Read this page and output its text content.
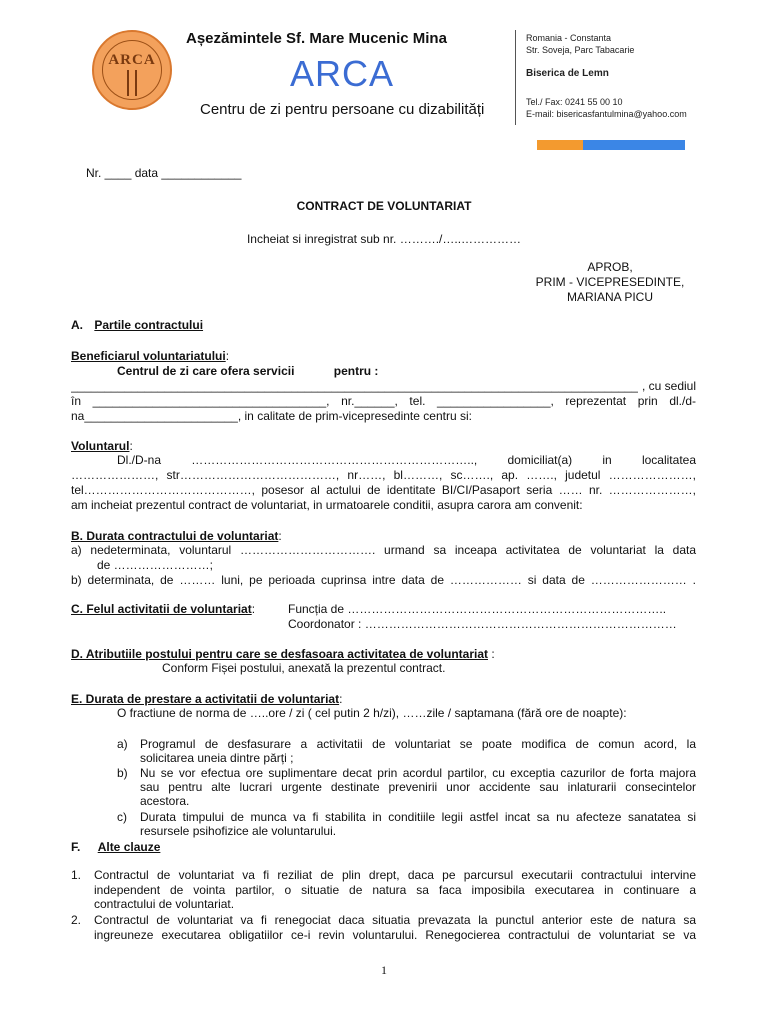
ARCA
Așezămintele Sf. Mare Mucenic Mina
ARCA
Centru de zi pentru persoane cu dizabilități
Romania - Constanta
Str. Soveja, Parc Tabacarie
Biserica de Lemn
Tel./ Fax: 0241 55 00 10
E-mail: bisericasfantulmina@yahoo.com
Nr. ____ data ____________
CONTRACT DE VOLUNTARIAT
Incheiat si inregistrat sub nr. ………./…..……………
APROB,
PRIM - VICEPRESEDINTE,
MARIANA PICU
A. Partile contractului
Beneficiarul voluntariatului:
Centrul de zi care ofera servicii	pentru :
_____________________________________________________________________________________ , cu sediul
în ___________________________________, nr.______, tel. _________________, reprezentat prin dl./d-
na_______________________, in calitate de prim-vicepresedinte centru si:
Voluntarul:
Dl./D-na …………………………………………………………….., domiciliat(a) in localitatea
…………………, str…………………………………, nr……, bl………, sc……., ap. ……., judetul …………………,
tel……………………………………, posesor al actului de identitate BI/CI/Pasaport seria …… nr. …………………,
am incheiat prezentul contract de voluntariat, in urmatoarele conditii, asupra carora am convenit:
B. Durata contractului de voluntariat:
a) nedeterminata, voluntarul ……………………………. urmand sa inceapa activitatea de voluntariat la data
de ……………………;
b) determinata, de ……… luni, pe perioada cuprinsa intre data de ……………… si data de …………………… .
C. Felul activitatii de voluntariat:	Funcția de ……………………………………………………………………..
Coordonator : ……………………………………………………………………
D. Atributiile postului pentru care se desfasoara activitatea de voluntariat :
Conform Fișei postului, anexată la prezentul contract.
E. Durata de prestare a activitatii de voluntariat:
O fractiune de norma de …..ore / zi ( cel putin 2 h/zi), ……zile / saptamana (fără ore de noapte):
a) Programul de desfasurare a activitatii de voluntariat se poate modifica de comun acord, la
solicitarea uneia dintre părți ;
b) Nu se vor efectua ore suplimentare decat prin acordul partilor, cu exceptia cazurilor de forta majora
sau pentru alte lucrari urgente destinate prevenirii unor accidente sau inlaturarii consecintelor
acestora.
c) Durata timpului de munca va fi stabilita in conditiile legii astfel incat sa nu afecteze sanatatea si
resursele psihofizice ale voluntarului.
F. Alte clauze
1. Contractul de voluntariat va fi reziliat de plin drept, daca pe parcursul executarii contractului intervine
independent de vointa partilor, o situatie de natura sa faca imposibila executarea in continuare a
contractului de voluntariat.
2. Contractul de voluntariat va fi renegociat daca situatia prevazata la punctul anterior este de natura sa
ingreuneze executarea obligatiilor ce-i revin voluntarului. Renegocierea contractului de voluntariat se va
1
